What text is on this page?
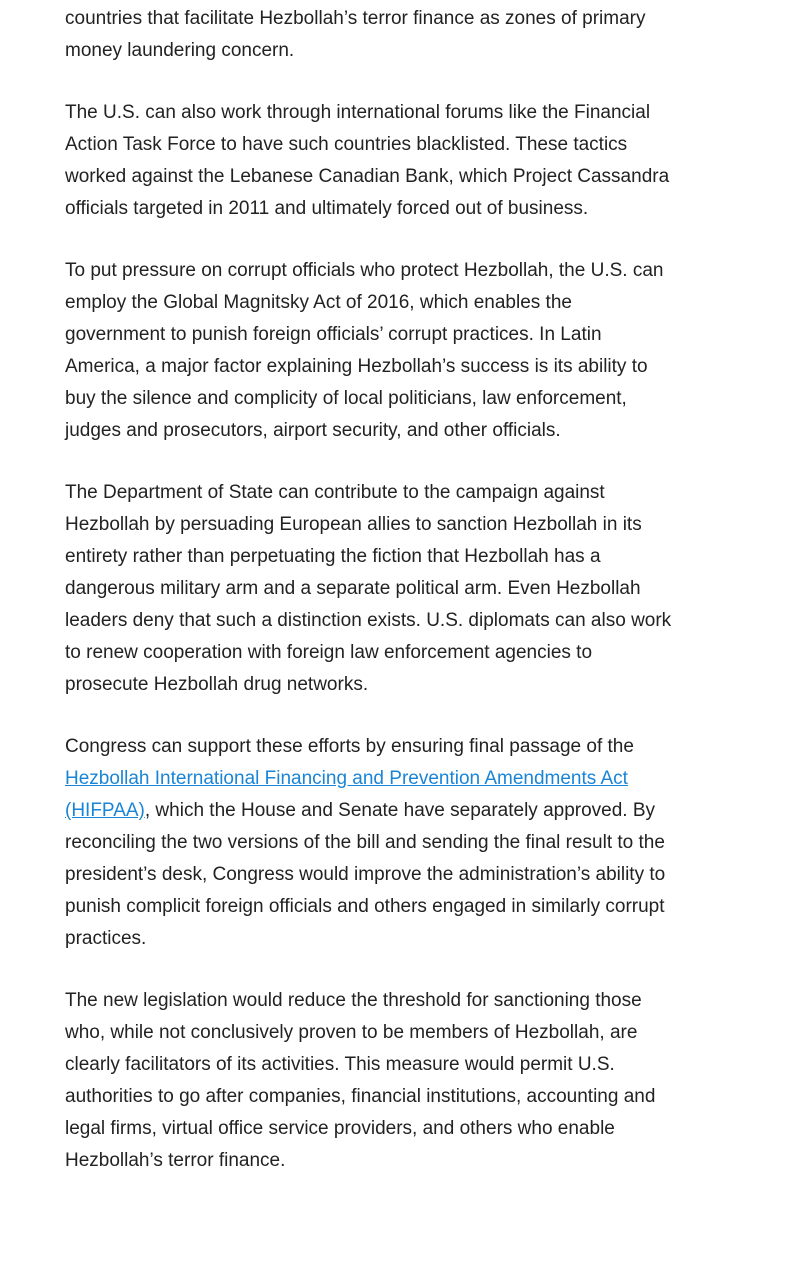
countries that facilitate Hezbollah’s terror finance as zones of primary money laundering concern.

The U.S. can also work through international forums like the Financial Action Task Force to have such countries blacklisted. These tactics worked against the Lebanese Canadian Bank, which Project Cassandra officials targeted in 2011 and ultimately forced out of business.

To put pressure on corrupt officials who protect Hezbollah, the U.S. can employ the Global Magnitsky Act of 2016, which enables the government to punish foreign officials’ corrupt practices. In Latin America, a major factor explaining Hezbollah’s success is its ability to buy the silence and complicity of local politicians, law enforcement, judges and prosecutors, airport security, and other officials.

The Department of State can contribute to the campaign against Hezbollah by persuading European allies to sanction Hezbollah in its entirety rather than perpetuating the fiction that Hezbollah has a dangerous military arm and a separate political arm. Even Hezbollah leaders deny that such a distinction exists. U.S. diplomats can also work to renew cooperation with foreign law enforcement agencies to prosecute Hezbollah drug networks.

Congress can support these efforts by ensuring final passage of the Hezbollah International Financing and Prevention Amendments Act (HIFPAA), which the House and Senate have separately approved. By reconciling the two versions of the bill and sending the final result to the president’s desk, Congress would improve the administration’s ability to punish complicit foreign officials and others engaged in similarly corrupt practices.

The new legislation would reduce the threshold for sanctioning those who, while not conclusively proven to be members of Hezbollah, are clearly facilitators of its activities. This measure would permit U.S. authorities to go after companies, financial institutions, accounting and legal firms, virtual office service providers, and others who enable Hezbollah’s terror finance.
